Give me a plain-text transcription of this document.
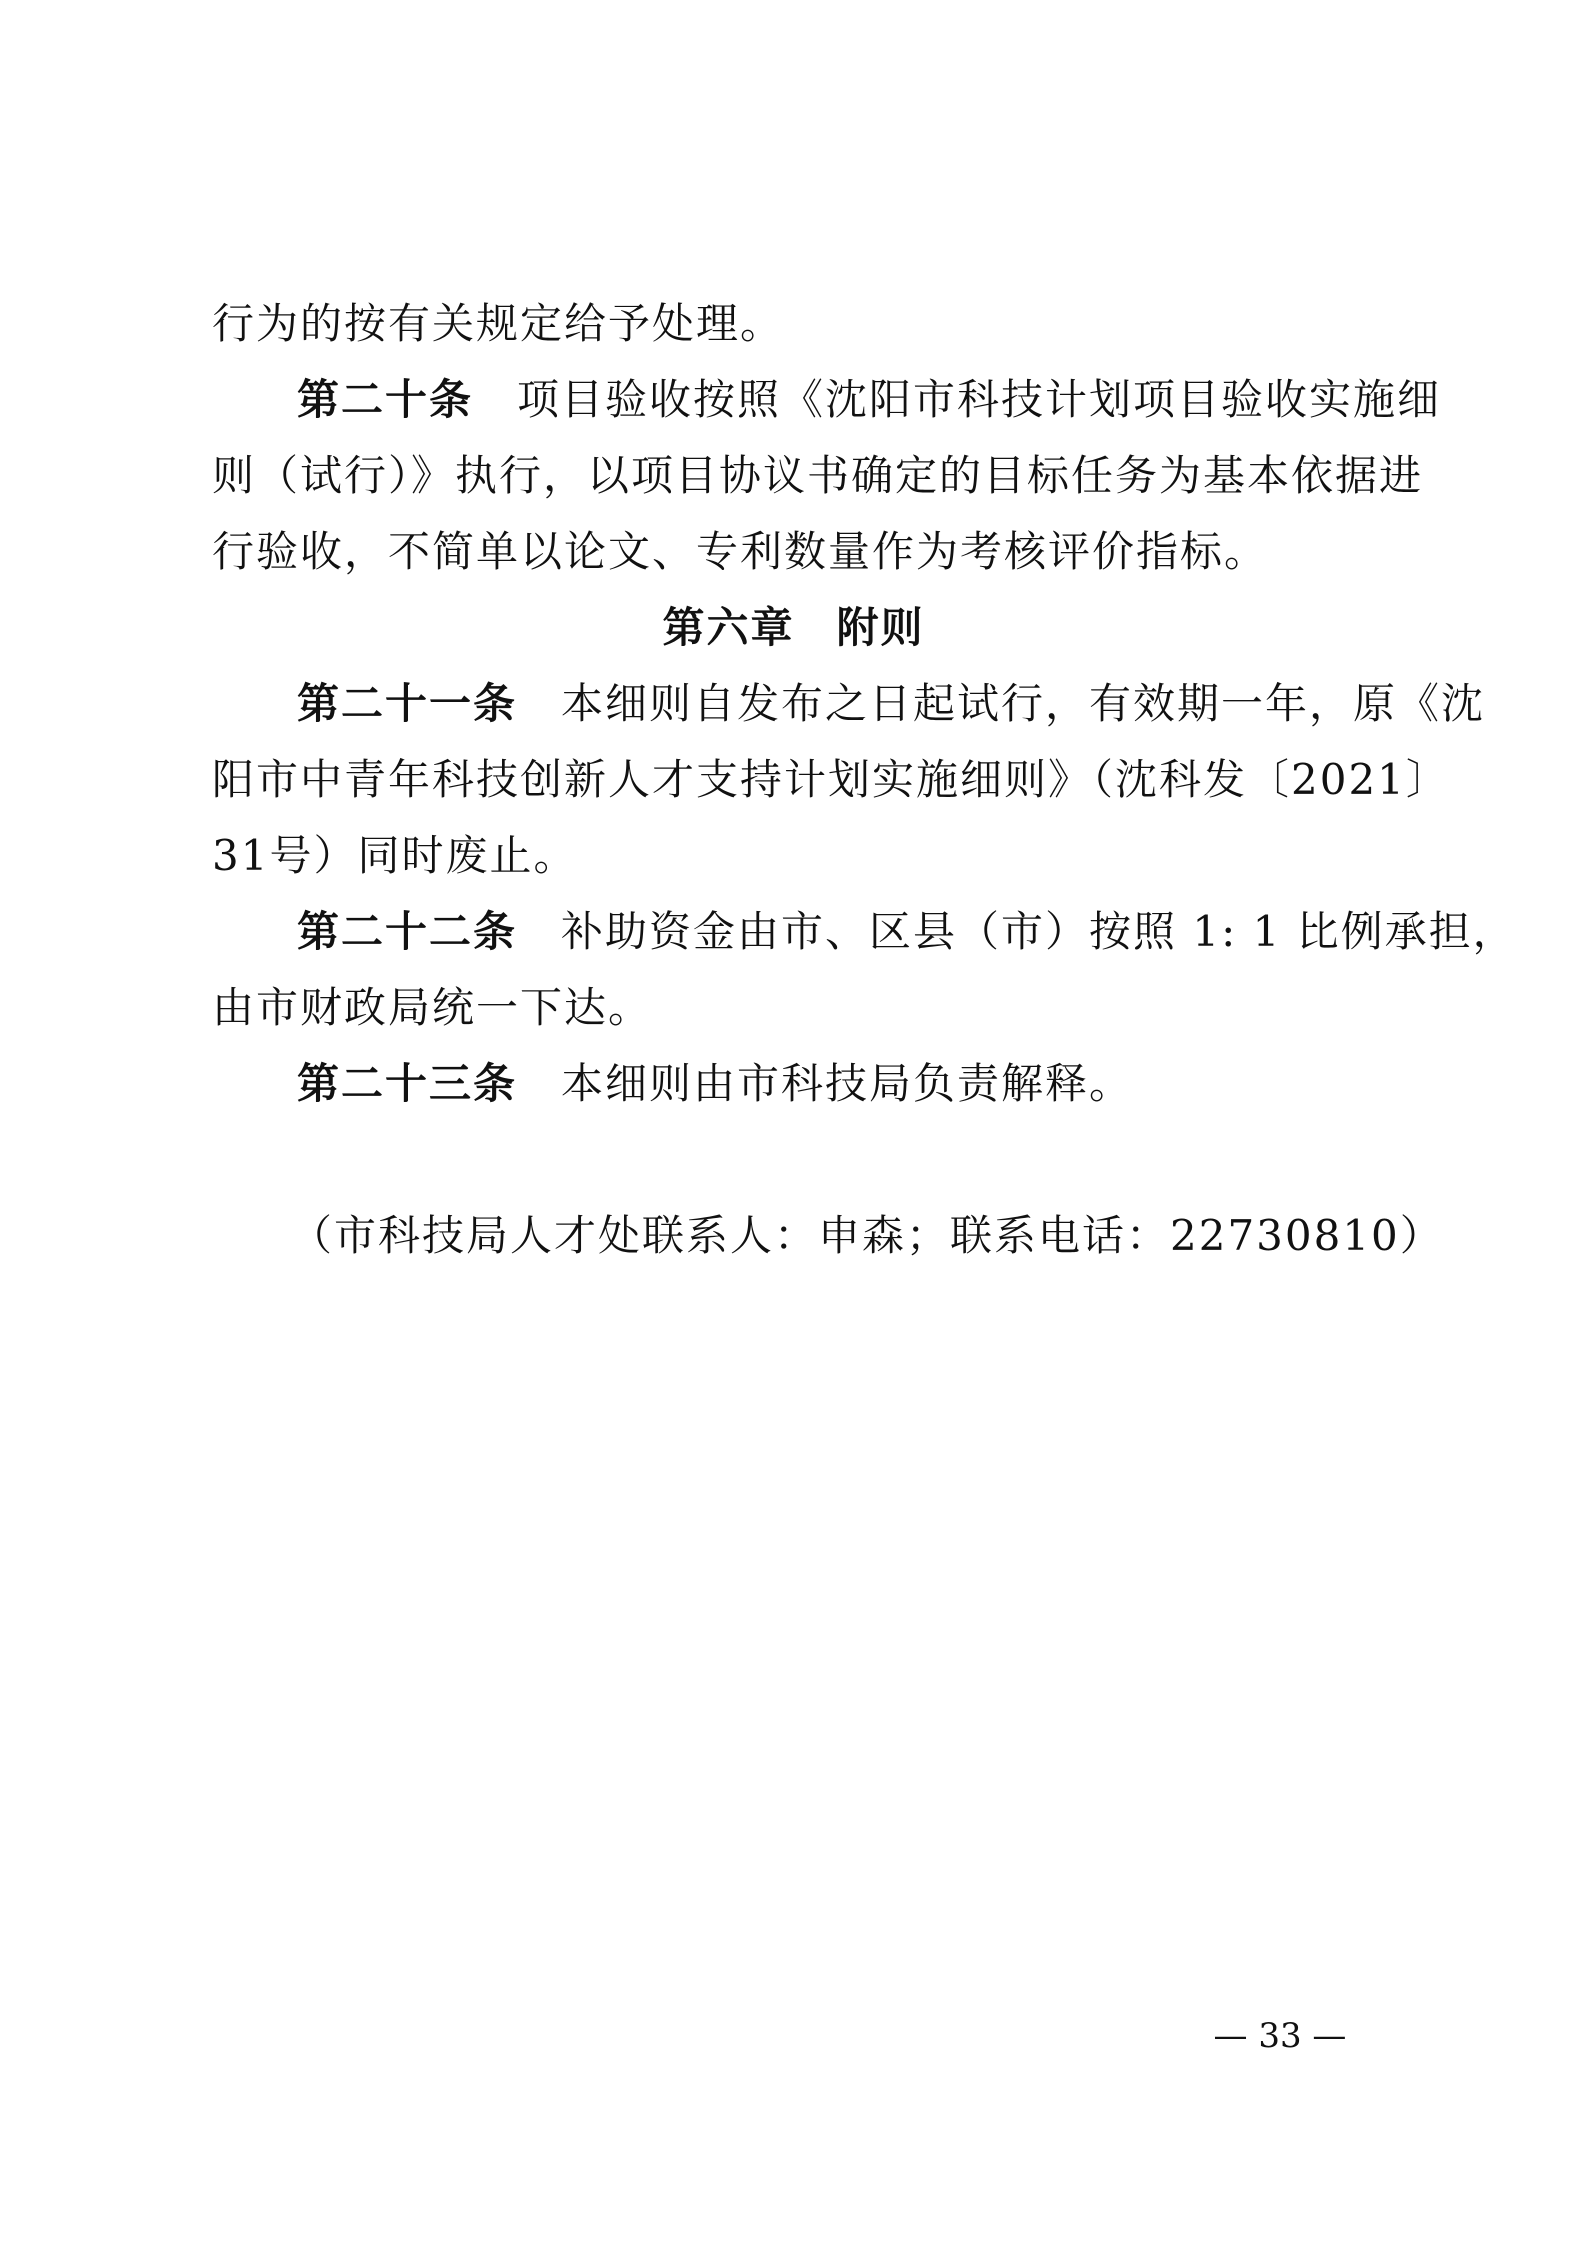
行为的按有关规定给予处理。
第二十条 项目验收按照《沈阳市科技计划项目验收实施细
则（试行）》执行，以项目协议书确定的目标任务为基本依据进
行验收，不简单以论文、专利数量作为考核评价指标。
第六章 附则
第二十一条 本细则自发布之日起试行，有效期一年，原《沈
阳市中青年科技创新人才支持计划实施细则》（沈科发〔2021〕
31号）同时废止。
第二十二条 补助资金由市、区县（市）按照 1: 1 比例承担，
由市财政局统一下达。
第二十三条 本细则由市科技局负责解释。
（市科技局人才处联系人：申森；联系电话：22730810）
— 33 —
